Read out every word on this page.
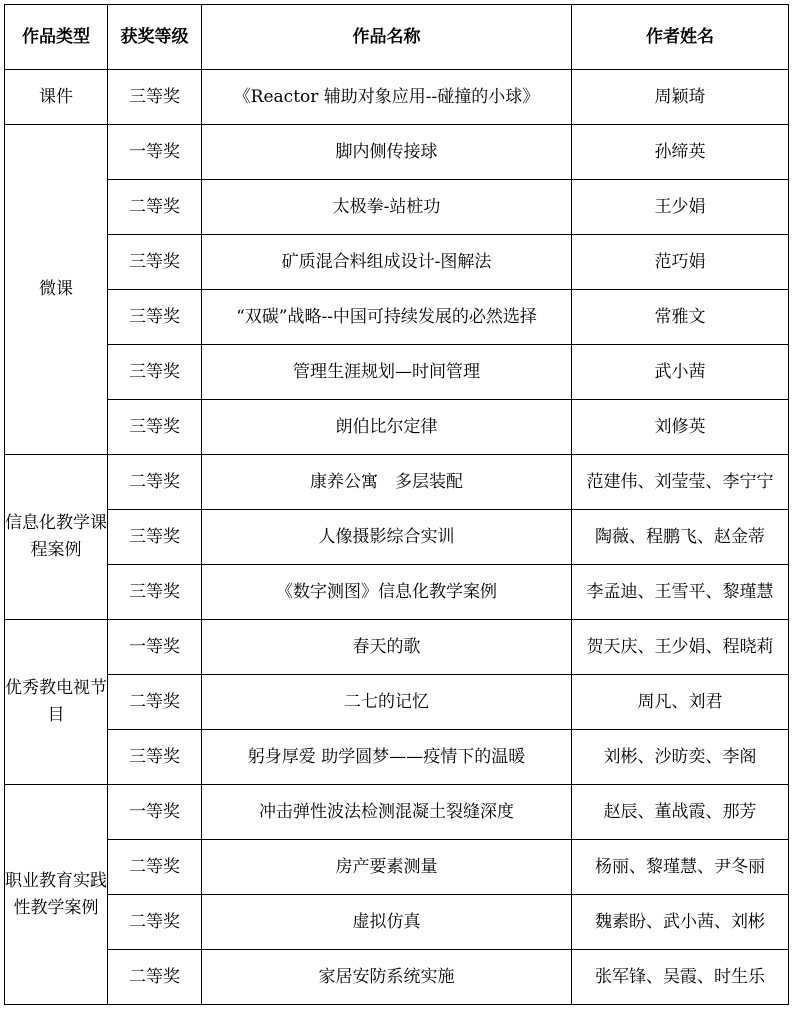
作品类型	获奖等级	作品名称	作者姓名
课件	三等奖	《Reactor 辅助对象应用--碰撞的小球》	周颖琦
微课	一等奖	脚内侧传接球	孙缔英
	二等奖	太极拳-站桩功	王少娟
	三等奖	矿质混合料组成设计-图解法	范巧娟
	三等奖	“双碳”战略--中国可持续发展的必然选择	常雅文
	三等奖	管理生涯规划—时间管理	武小茜
	三等奖	朗伯比尔定律	刘修英
信息化教学课程案例	二等奖	康养公寓　多层装配	范建伟、刘莹莹、李宁宁
	三等奖	人像摄影综合实训	陶薇、程鹏飞、赵金蒂
	三等奖	《数字测图》信息化教学案例	李孟迪、王雪平、黎瑾慧
优秀教电视节目	一等奖	春天的歌	贺天庆、王少娟、程晓莉
	二等奖	二七的记忆	周凡、刘君
	三等奖	躬身厚爱 助学圆梦——疫情下的温暖	刘彬、沙昉奕、李阁
职业教育实践性教学案例	一等奖	冲击弹性波法检测混凝土裂缝深度	赵辰、董战霞、那芳
	二等奖	房产要素测量	杨丽、黎瑾慧、尹冬丽
	二等奖	虚拟仿真	魏素盼、武小茜、刘彬
	二等奖	家居安防系统实施	张军锋、吴霞、时生乐
